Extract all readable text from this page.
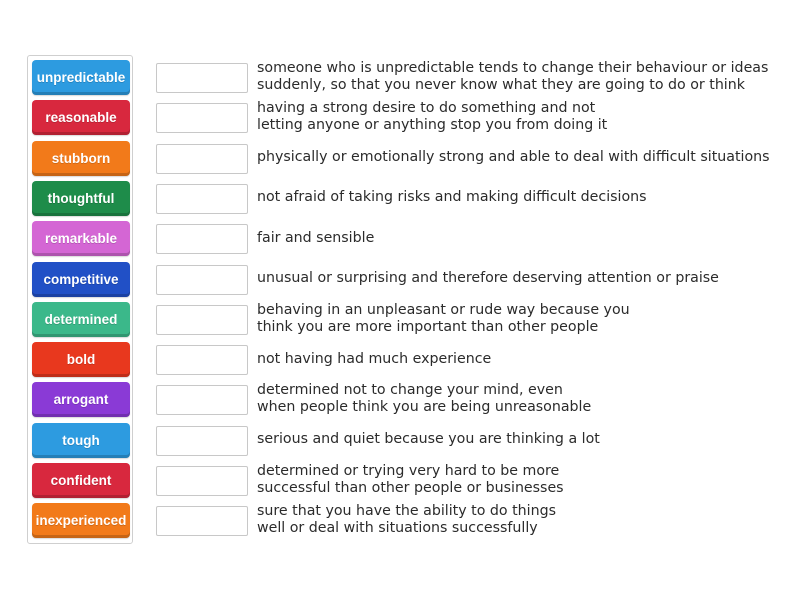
unpredictable
reasonable
stubborn
thoughtful
remarkable
competitive
determined
bold
arrogant
tough
confident
inexperienced
someone who is unpredictable tends to change their behaviour or ideas
suddenly, so that you never know what they are going to do or think
having a strong desire to do something and not
letting anyone or anything stop you from doing it
physically or emotionally strong and able to deal with difficult situations
not afraid of taking risks and making difficult decisions
fair and sensible
unusual or surprising and therefore deserving attention or praise
behaving in an unpleasant or rude way because you
think you are more important than other people
not having had much experience
determined not to change your mind, even
when people think you are being unreasonable
serious and quiet because you are thinking a lot
determined or trying very hard to be more
successful than other people or businesses
sure that you have the ability to do things
well or deal with situations successfully
